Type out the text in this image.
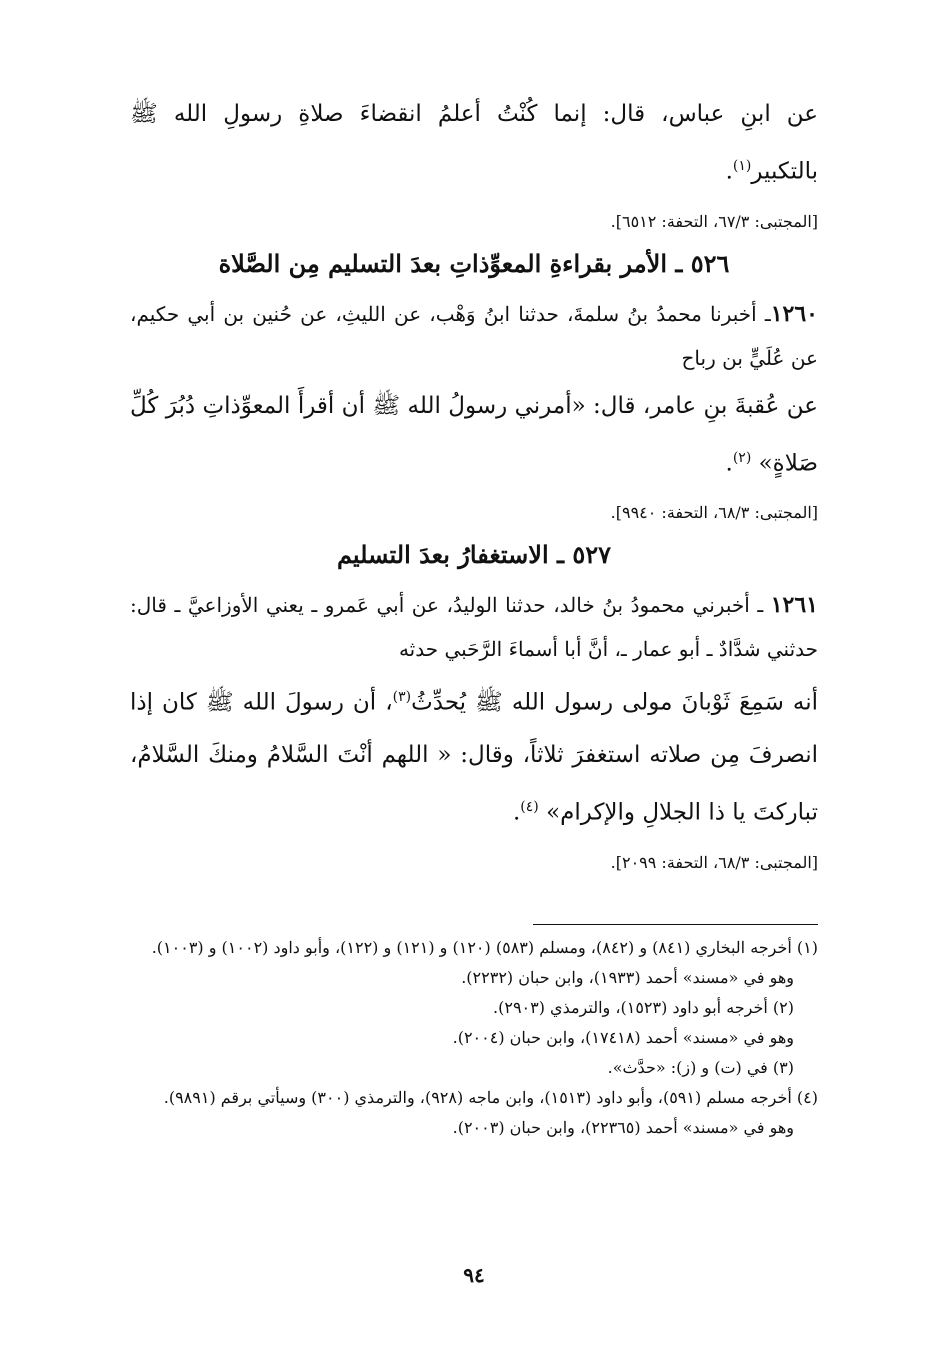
عن ابنِ عباس، قال: إنما كُنْتُ أعلمُ انقضاءَ صلاةِ رسولِ الله ﷺ بالتكبير$^{(١)}$.

[المجتبى: ٦٧/٣، التحفة: ٦٥١٢].

٥٢٦ ـ الأمر بقراءةِ المعوِّذاتِ بعدَ التسليم مِن الصَّلاة

١٢٦٠ـ أخبرنا محمدُ بنُ سلمةَ، حدثنا ابنُ وَهْب، عن الليثِ، عن حُنين بن أبي حكيم، عن عُلَيٍّ بن رباح

عن عُقبةَ بنِ عامر، قال: «أمرني رسولُ الله ﷺ أن أقرأَ المعوِّذاتِ دُبُرَ كُلِّ صَلاةٍ» $^{(٢)}$.

[المجتبى: ٦٨/٣، التحفة: ٩٩٤٠].

٥٢٧ ـ الاستغفارُ بعدَ التسليم

١٢٦١ ـ أخبرني محمودُ بنُ خالد، حدثنا الوليدُ، عن أبي عَمرو ـ يعني الأوزاعيَّ ـ قال: حدثني شدَّادٌ ـ أبو عمار ـ، أنَّ أبا أسماءَ الرَّحَبي حدثه

أنه سَمِعَ ثَوْبانَ مولى رسول الله ﷺ يُحدِّثُ$^{(٣)}$، أن رسولَ الله ﷺ كان إذا انصرفَ مِن صلاته استغفرَ ثلاثاً، وقال: « اللهم أنْتَ السَّلامُ ومنكَ السَّلامُ، تباركتَ يا ذا الجلالِ والإكرام» $^{(٤)}$.

[المجتبى: ٦٨/٣، التحفة: ٢٠٩٩].

(١) أخرجه البخاري (٨٤١) و (٨٤٢)، ومسلم (٥٨٣) (١٢٠) و (١٢١) و (١٢٢)، وأبو داود (١٠٠٢) و (١٠٠٣).

وهو في «مسند» أحمد (١٩٣٣)، وابن حبان (٢٢٣٢).

(٢) أخرجه أبو داود (١٥٢٣)، والترمذي (٢٩٠٣).

وهو في «مسند» أحمد (١٧٤١٨)، وابن حبان (٢٠٠٤).

(٣) في (ت) و (ز): «حدَّث».

(٤) أخرجه مسلم (٥٩١)، وأبو داود (١٥١٣)، وابن ماجه (٩٢٨)، والترمذي (٣٠٠) وسيأتي برقم (٩٨٩١).

وهو في «مسند» أحمد (٢٢٣٦٥)، وابن حبان (٢٠٠٣).

٩٤
